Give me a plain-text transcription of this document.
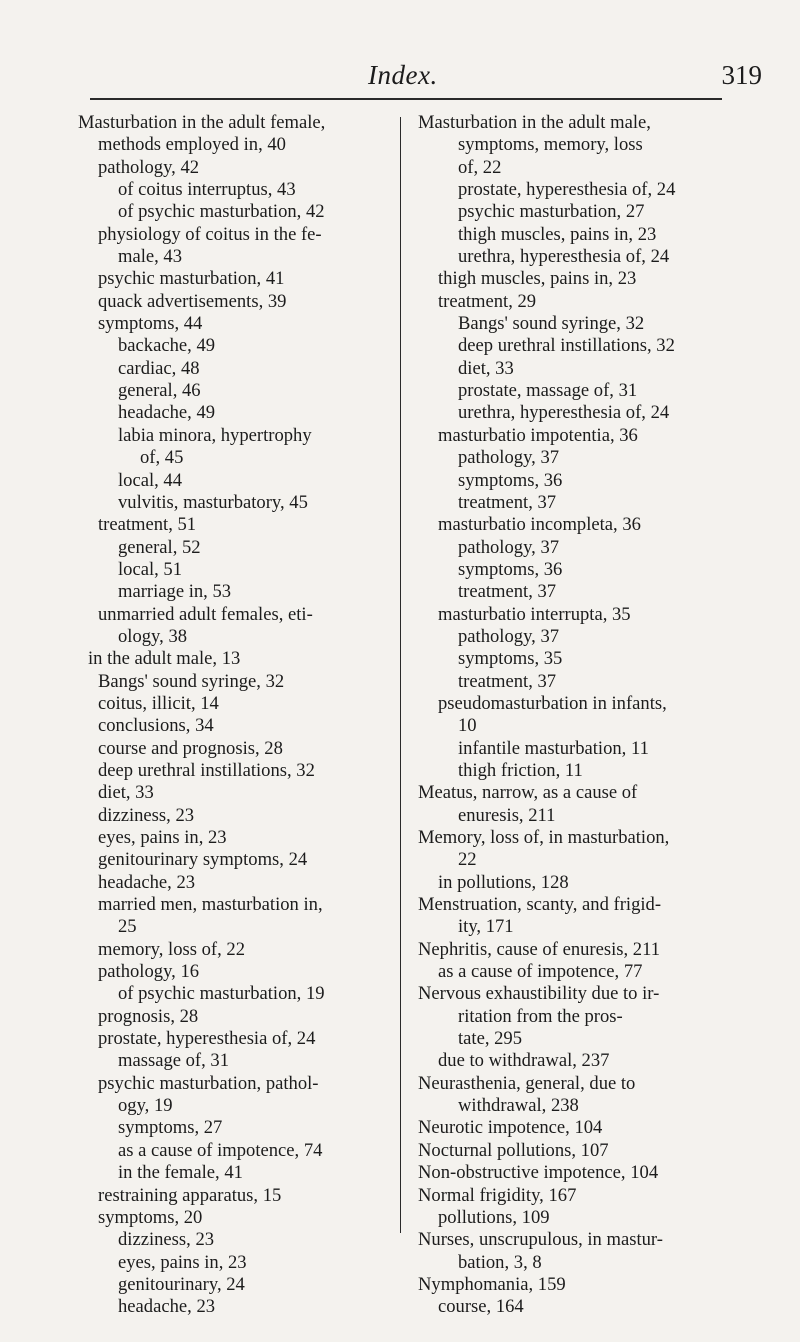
Index.	319
Masturbation in the adult female,
methods employed in, 40
pathology, 42
of coitus interruptus, 43
of psychic masturbation, 42
physiology of coitus in the fe-
male, 43
psychic masturbation, 41
quack advertisements, 39
symptoms, 44
backache, 49
cardiac, 48
general, 46
headache, 49
labia minora, hypertrophy
of, 45
local, 44
vulvitis, masturbatory, 45
treatment, 51
general, 52
local, 51
marriage in, 53
unmarried adult females, eti-
ology, 38
in the adult male, 13
Bangs' sound syringe, 32
coitus, illicit, 14
conclusions, 34
course and prognosis, 28
deep urethral instillations, 32
diet, 33
dizziness, 23
eyes, pains in, 23
genitourinary symptoms, 24
headache, 23
married men, masturbation in,
25
memory, loss of, 22
pathology, 16
of psychic masturbation, 19
prognosis, 28
prostate, hyperesthesia of, 24
massage of, 31
psychic masturbation, pathol-
ogy, 19
symptoms, 27
as a cause of impotence, 74
in the female, 41
restraining apparatus, 15
symptoms, 20
dizziness, 23
eyes, pains in, 23
genitourinary, 24
headache, 23
Masturbation in the adult male,
symptoms, memory, loss
of, 22
prostate, hyperesthesia of, 24
psychic masturbation, 27
thigh muscles, pains in, 23
urethra, hyperesthesia of, 24
thigh muscles, pains in, 23
treatment, 29
Bangs' sound syringe, 32
deep urethral instillations, 32
diet, 33
prostate, massage of, 31
urethra, hyperesthesia of, 24
masturbatio impotentia, 36
pathology, 37
symptoms, 36
treatment, 37
masturbatio incompleta, 36
pathology, 37
symptoms, 36
treatment, 37
masturbatio interrupta, 35
pathology, 37
symptoms, 35
treatment, 37
pseudomasturbation in infants,
10
infantile masturbation, 11
thigh friction, 11
Meatus, narrow, as a cause of
enuresis, 211
Memory, loss of, in masturbation,
22
in pollutions, 128
Menstruation, scanty, and frigid-
ity, 171
Nephritis, cause of enuresis, 211
as a cause of impotence, 77
Nervous exhaustibility due to ir-
ritation from the pros-
tate, 295
due to withdrawal, 237
Neurasthenia, general, due to
withdrawal, 238
Neurotic impotence, 104
Nocturnal pollutions, 107
Non-obstructive impotence, 104
Normal frigidity, 167
pollutions, 109
Nurses, unscrupulous, in mastur-
bation, 3, 8
Nymphomania, 159
course, 164
